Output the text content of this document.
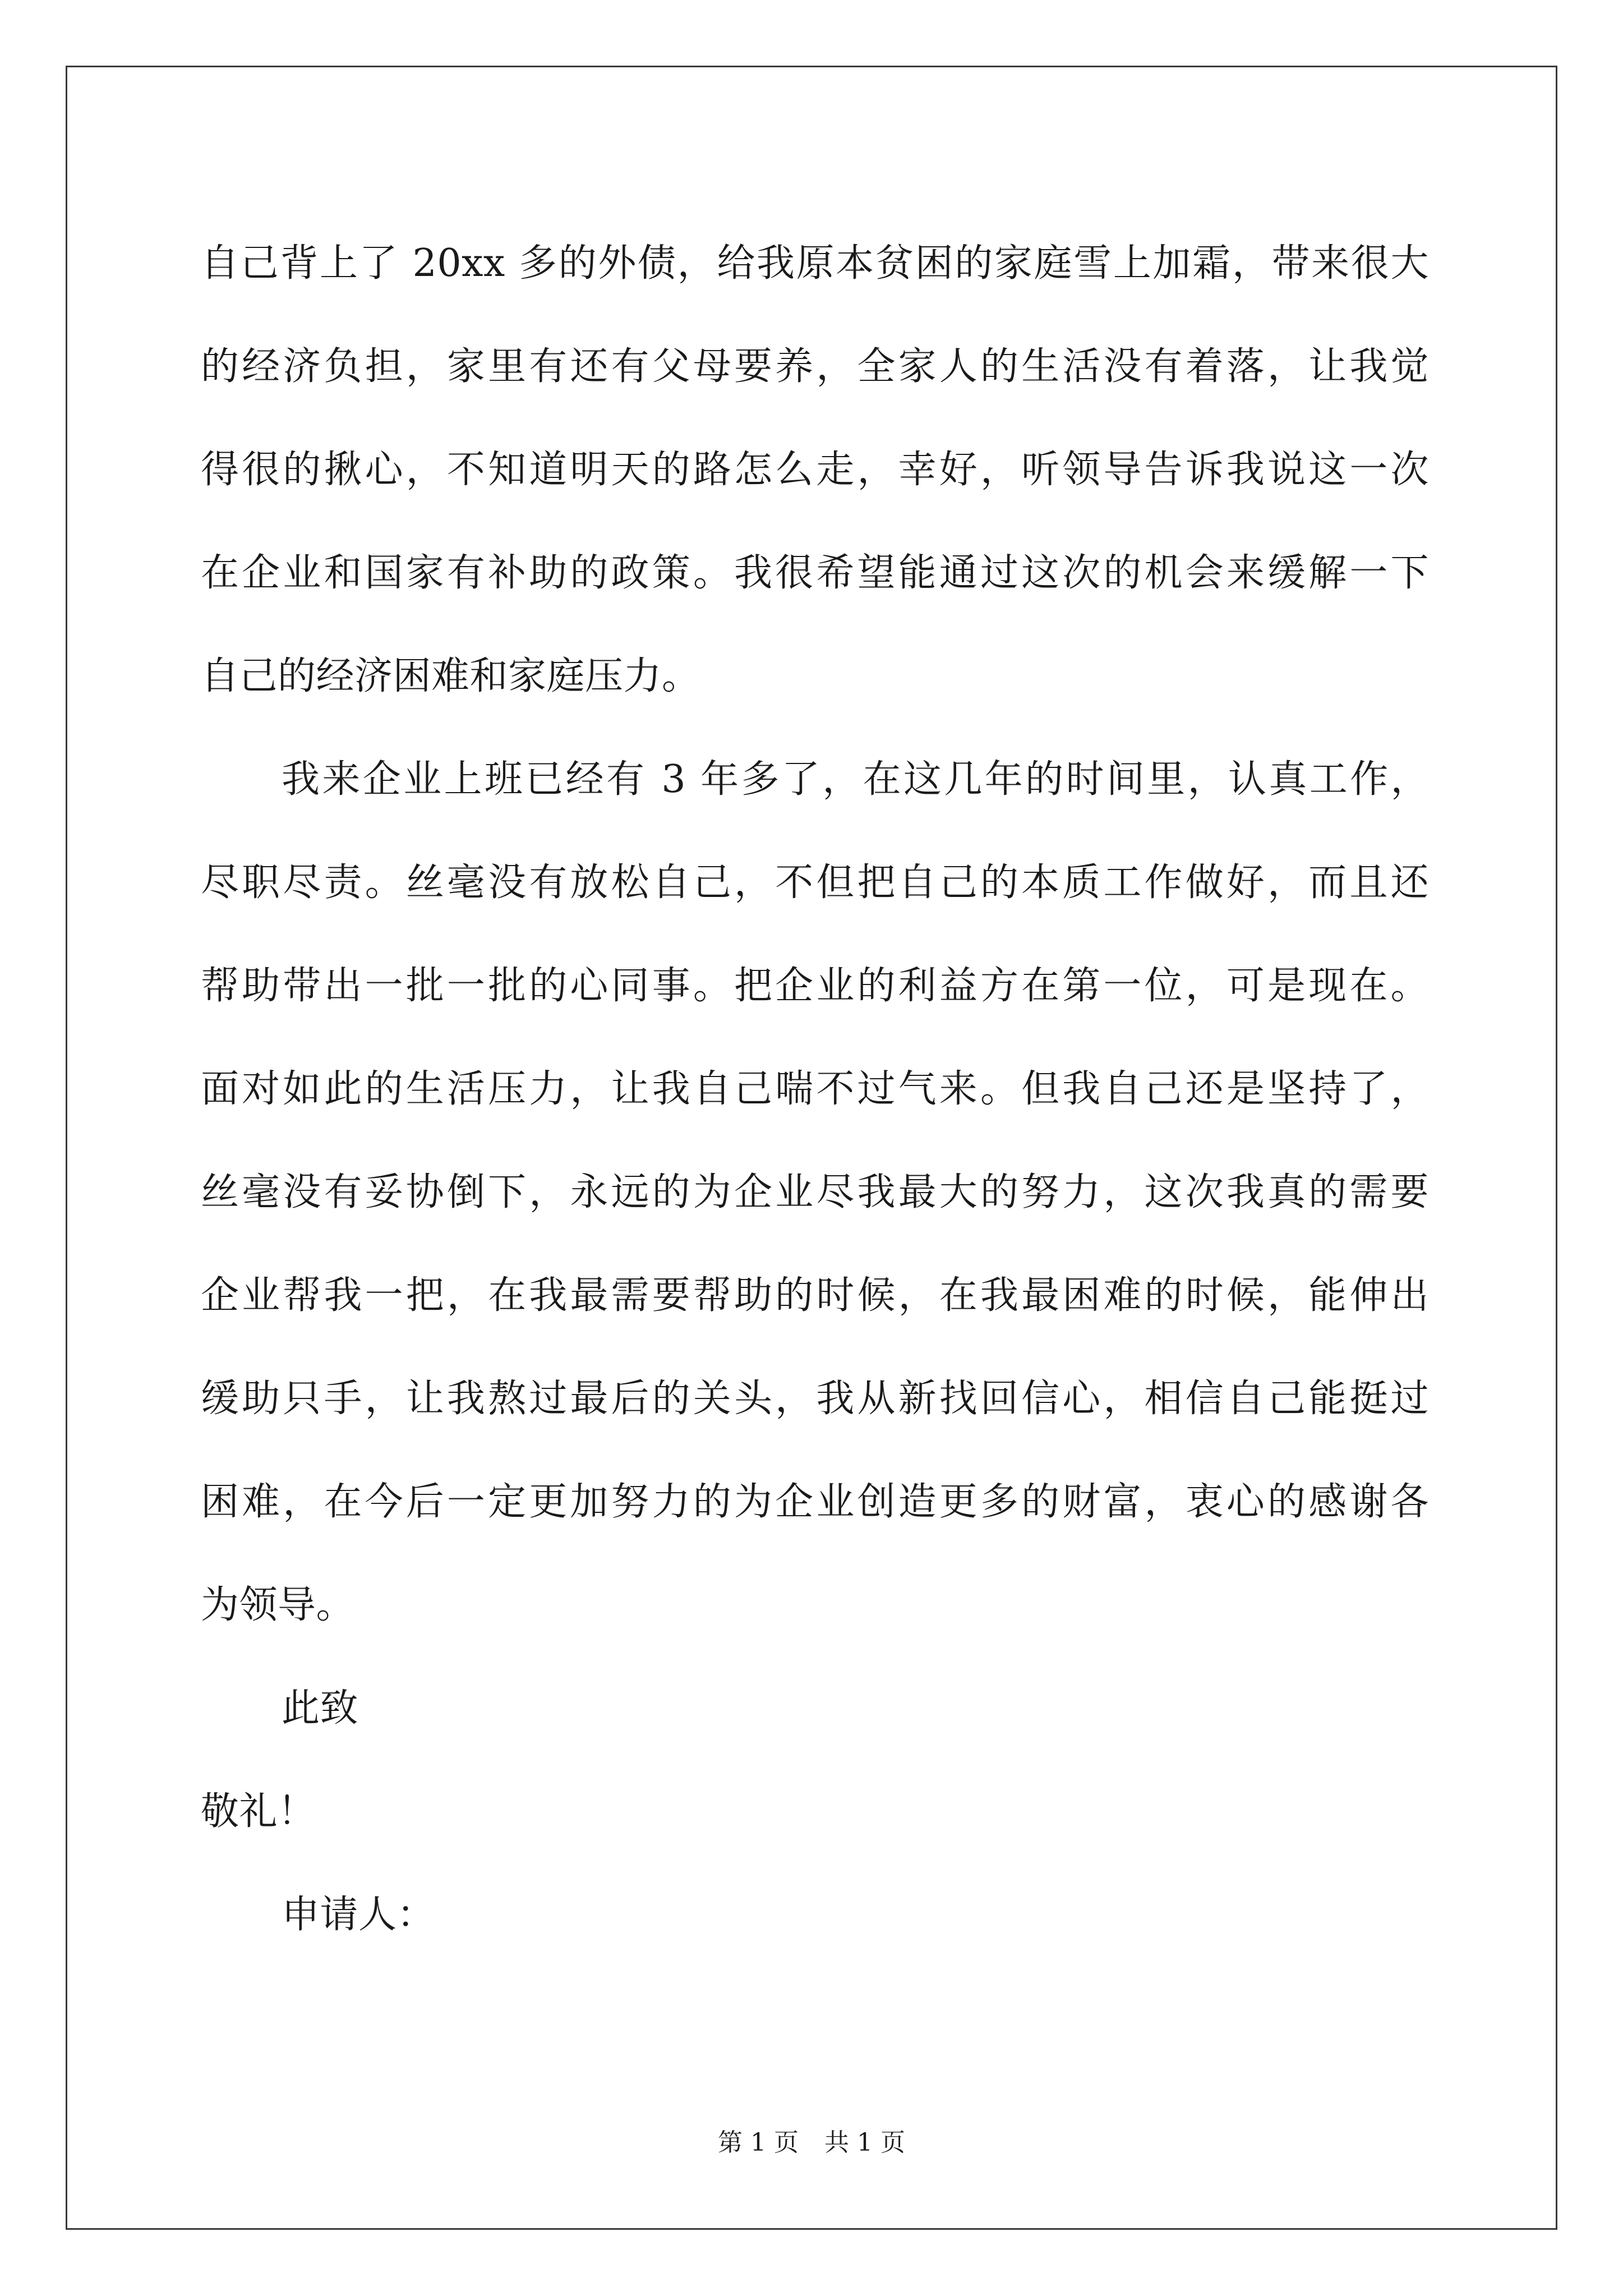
自己背上了 20xx 多的外债，给我原本贫困的家庭雪上加霜，带来很大
的经济负担，家里有还有父母要养，全家人的生活没有着落，让我觉
得很的揪心，不知道明天的路怎么走，幸好，听领导告诉我说这一次
在企业和国家有补助的政策。我很希望能通过这次的机会来缓解一下
自己的经济困难和家庭压力。
我来企业上班已经有 3 年多了，在这几年的时间里，认真工作，
尽职尽责。丝毫没有放松自己，不但把自己的本质工作做好，而且还
帮助带出一批一批的心同事。把企业的利益方在第一位，可是现在。
面对如此的生活压力，让我自己喘不过气来。但我自己还是坚持了，
丝毫没有妥协倒下，永远的为企业尽我最大的努力，这次我真的需要
企业帮我一把，在我最需要帮助的时候，在我最困难的时候，能伸出
缓助只手，让我熬过最后的关头，我从新找回信心，相信自己能挺过
困难，在今后一定更加努力的为企业创造更多的财富，衷心的感谢各
为领导。
此致
敬礼！
申请人：
第 1 页 共 1 页
